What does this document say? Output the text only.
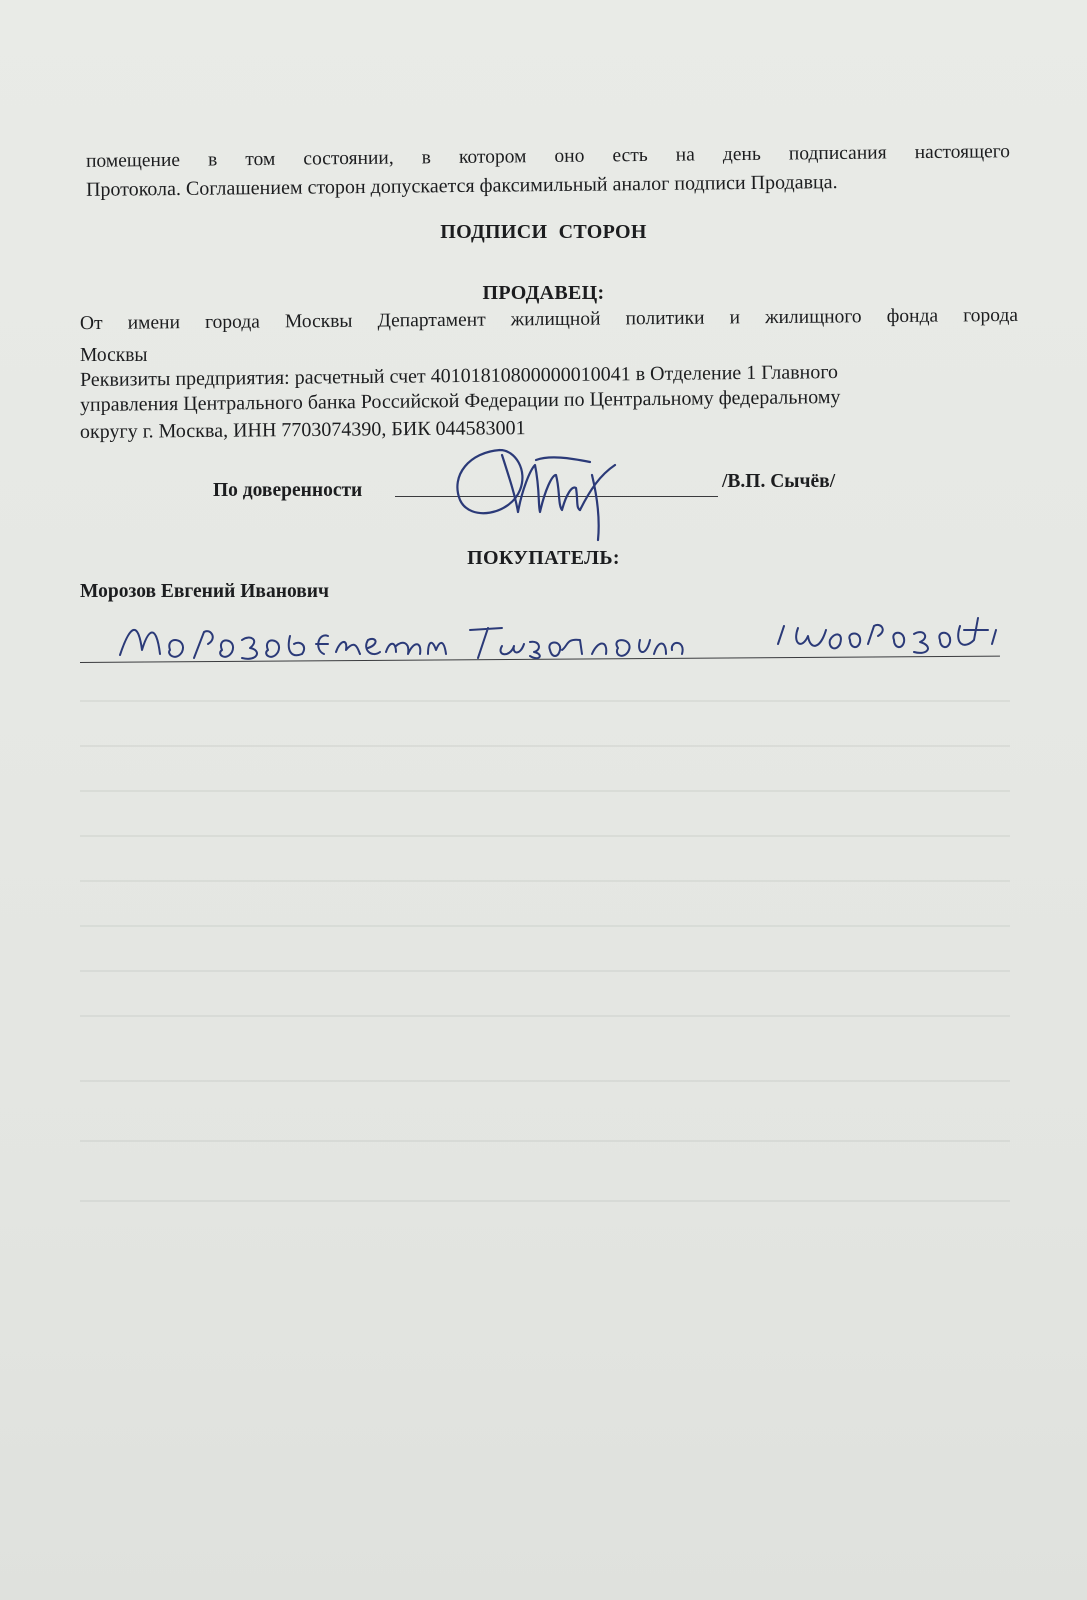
помещение в том состоянии, в котором оно есть на день подписания настоящего
Протокола. Соглашением сторон допускается факсимильный аналог подписи Продавца.
ПОДПИСИ СТОРОН
ПРОДАВЕЦ:
От имени города Москвы Департамент жилищной политики и жилищного фонда города
Москвы
Реквизиты предприятия: расчетный счет 40101810800000010041 в Отделение 1 Главного
управления Центрального банка Российской Федерации по Центральному федеральному
округу г. Москва, ИНН 7703074390, БИК 044583001
По доверенности	/В.П. Сычёв/
ПОКУПАТЕЛЬ:
Морозов Евгений Иванович
